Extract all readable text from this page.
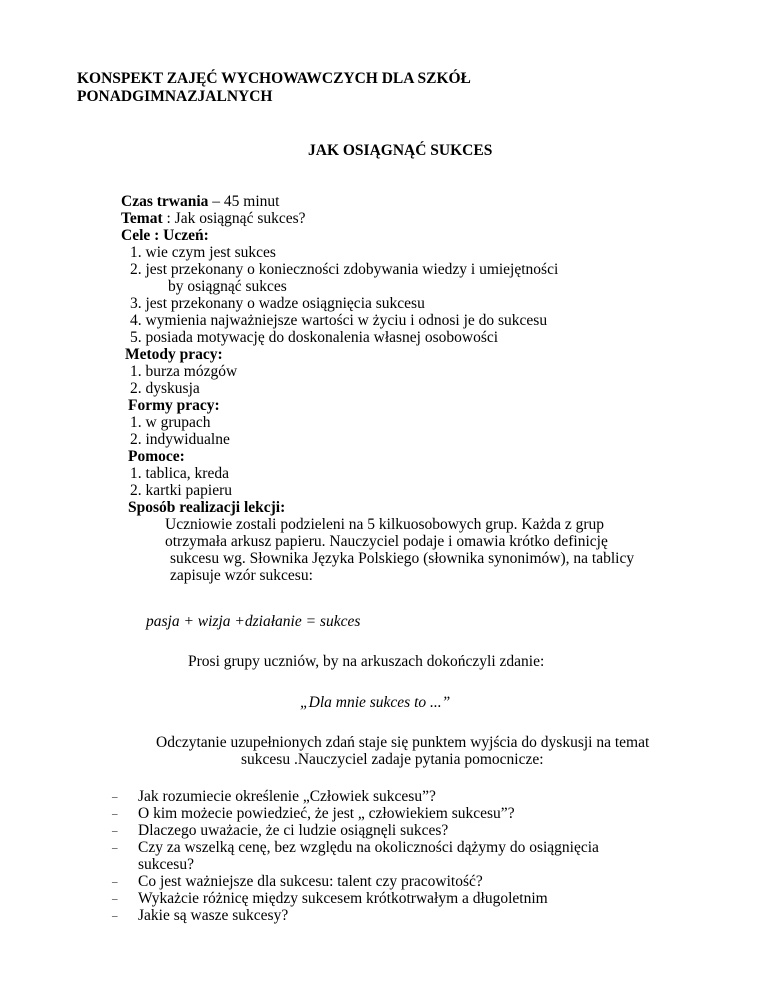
KONSPEKT ZAJĘĆ WYCHOWAWCZYCH DLA SZKÓŁ
PONADGIMNAZJALNYCH
JAK OSIĄGNĄĆ SUKCES
Czas trwania – 45 minut
Temat : Jak osiągnąć sukces?
Cele : Uczeń:
1. wie czym jest sukces
2. jest przekonany o konieczności zdobywania wiedzy i umiejętności
by osiągnąć sukces
3. jest przekonany o wadze osiągnięcia sukcesu
4. wymienia najważniejsze wartości w życiu i odnosi je do sukcesu
5. posiada motywację do doskonalenia własnej osobowości
Metody pracy:
1. burza mózgów
2. dyskusja
Formy pracy:
1. w grupach
2. indywidualne
Pomoce:
1. tablica, kreda
2. kartki papieru
Sposób realizacji lekcji:
Uczniowie zostali podzieleni na 5 kilkuosobowych grup. Każda z grup
otrzymała arkusz papieru. Nauczyciel podaje i omawia krótko definicję
sukcesu wg. Słownika Języka Polskiego (słownika synonimów), na tablicy
zapisuje wzór sukcesu:
pasja + wizja +działanie = sukces
Prosi grupy uczniów, by na arkuszach dokończyli zdanie:
„Dla mnie sukces to ...”
Odczytanie uzupełnionych zdań staje się punktem wyjścia do dyskusji na temat
sukcesu .Nauczyciel zadaje pytania pomocnicze:
– Jak rozumiecie określenie „Człowiek sukcesu”?
– O kim możecie powiedzieć, że jest „ człowiekiem sukcesu”?
– Dlaczego uważacie, że ci ludzie osiągnęli sukces?
– Czy za wszelką cenę, bez względu na okoliczności dążymy do osiągnięcia
sukcesu?
– Co jest ważniejsze dla sukcesu: talent czy pracowitość?
– Wykażcie różnicę między sukcesem krótkotrwałym a długoletnim
– Jakie są wasze sukcesy?
